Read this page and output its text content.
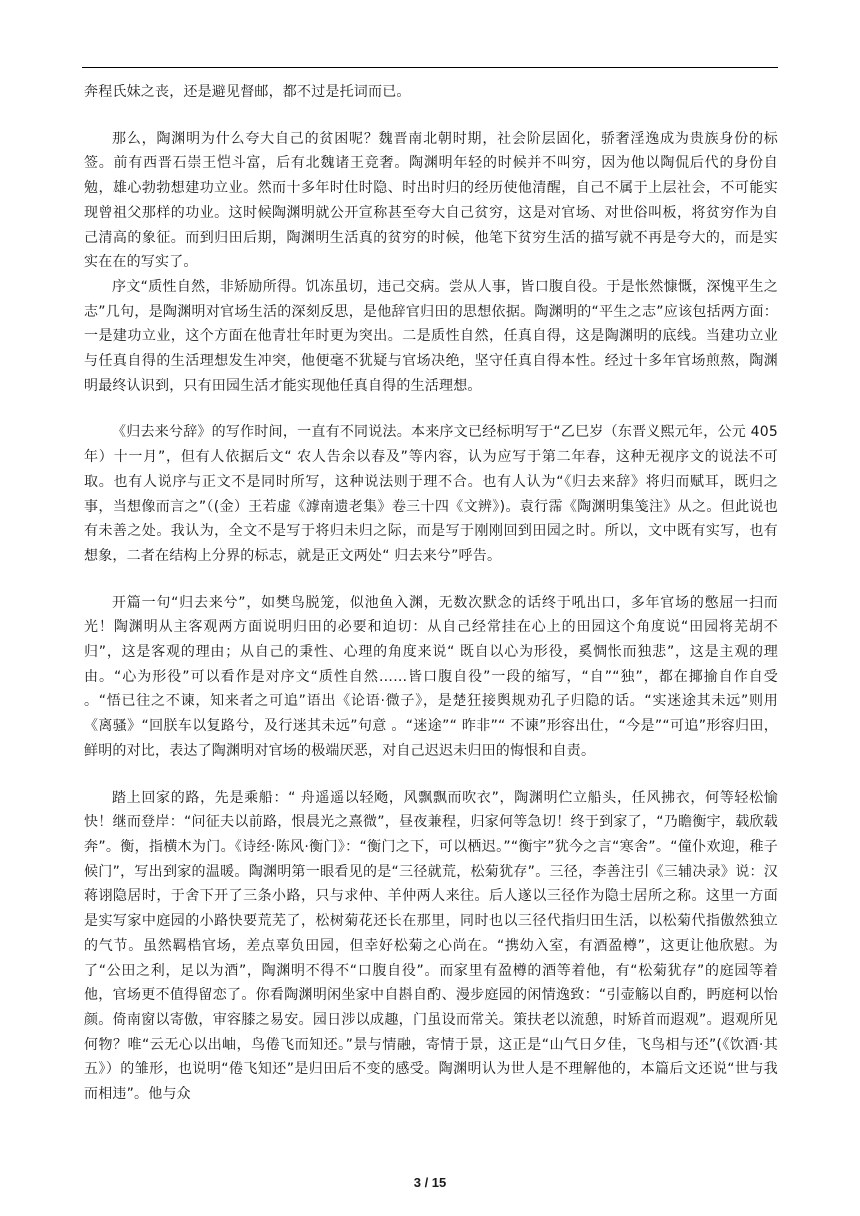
奔程氏妹之丧，还是避见督邮，都不过是托词而已。

那么，陶渊明为什么夸大自己的贫困呢？魏晋南北朝时期，社会阶层固化，骄奢淫逸成为贵族身份的标签。前有西晋石崇王恺斗富，后有北魏诸王竞奢。陶渊明年轻的时候并不叫穷，因为他以陶侃后代的身份自勉，雄心勃勃想建功立业。然而十多年时仕时隐、时出时归的经历使他清醒，自己不属于上层社会，不可能实现曾祖父那样的功业。这时候陶渊明就公开宣称甚至夸大自己贫穷，这是对官场、对世俗叫板，将贫穷作为自己清高的象征。而到归田后期，陶渊明生活真的贫穷的时候，他笔下贫穷生活的描写就不再是夸大的，而是实实在在的写实了。

序文“质性自然，非矫励所得。饥冻虽切，违己交病。尝从人事，皆口腹自役。于是怅然慷慨，深愧平生之志”几句，是陶渊明对官场生活的深刻反思，是他辞官归田的思想依据。陶渊明的“平生之志”应该包括两方面：一是建功立业，这个方面在他青壮年时更为突出。二是质性自然，任真自得，这是陶渊明的底线。当建功立业与任真自得的生活理想发生冲突，他便毫不犹疑与官场决绝，坚守任真自得本性。经过十多年官场煎熬，陶渊明最终认识到，只有田园生活才能实现他任真自得的生活理想。

《归去来兮辞》的写作时间，一直有不同说法。本来序文已经标明写于“乙巳岁（东晋义熙元年，公元 405 年）十一月”，但有人依据后文“ 农人告余以春及”等内容，认为应写于第二年春，这种无视序文的说法不可取。也有人说序与正文不是同时所写，这种说法则于理不合。也有人认为“《归去来辞》将归而赋耳，既归之事，当想像而言之”（(金）王若虚《滹南遗老集》卷三十四《文辨》)。袁行霈《陶渊明集笺注》从之。但此说也有未善之处。我认为，全文不是写于将归未归之际，而是写于刚刚回到田园之时。所以，文中既有实写，也有想象，二者在结构上分界的标志，就是正文两处“ 归去来兮”呼告。

开篇一句“归去来兮”，如樊鸟脱笼，似池鱼入渊，无数次默念的话终于吼出口，多年官场的憋屈一扫而光！陶渊明从主客观两方面说明归田的必要和迫切：从自己经常挂在心上的田园这个角度说“田园将芜胡不归”，这是客观的理由；从自己的秉性、心理的角度来说“ 既自以心为形役，奚惆怅而独悲”，这是主观的理由。“心为形役”可以看作是对序文“质性自然……皆口腹自役”一段的缩写，“自”“独”，都在揶揄自作自受 。“悟已往之不谏，知来者之可追”语出《论语·微子》，是楚狂接舆规劝孔子归隐的话。“实迷途其未远”则用《离骚》“回朕车以复路兮，及行迷其未远”句意 。“迷途”“ 昨非”“ 不谏”形容出仕，“今是”“可追”形容归田，鲜明的对比，表达了陶渊明对官场的极端厌恶，对自己迟迟未归田的悔恨和自责。

踏上回家的路，先是乘船：“ 舟遥遥以轻飏，风飘飘而吹衣”，陶渊明伫立船头，任风拂衣，何等轻松愉快！继而登岸：“问征夫以前路，恨晨光之熹微”，昼夜兼程，归家何等急切！终于到家了，“乃瞻衡宇，载欣载奔”。衡，指横木为门。《诗经·陈风·衡门》：“衡门之下，可以栖迟。”“衡宇”犹今之言“寒舍”。“僮仆欢迎，稚子候门”，写出到家的温暖。陶渊明第一眼看见的是“三径就荒，松菊犹存”。三径，李善注引《三辅决录》说：汉蒋诩隐居时，于舍下开了三条小路，只与求仲、羊仲两人来往。后人遂以三径作为隐士居所之称。这里一方面是实写家中庭园的小路快要荒芜了，松树菊花还长在那里，同时也以三径代指归田生活，以松菊代指傲然独立的气节。虽然羁梏官场，差点辜负田园，但幸好松菊之心尚在。“携幼入室，有酒盈樽”，这更让他欣慰。为了“公田之利，足以为酒”，陶渊明不得不“口腹自役”。而家里有盈樽的酒等着他，有“松菊犹存”的庭园等着他，官场更不值得留恋了。你看陶渊明闲坐家中自斟自酌、漫步庭园的闲情逸致：“引壶觞以自酌，眄庭柯以怡颜。倚南窗以寄傲，审容膝之易安。园日涉以成趣，门虽设而常关。策扶老以流憩，时矫首而遐观”。遐观所见何物？唯“云无心以出岫，鸟倦飞而知还。”景与情融，寄情于景，这正是“山气日夕佳，飞鸟相与还”(《饮酒·其五》）的雏形，也说明“倦飞知还”是归田后不变的感受。陶渊明认为世人是不理解他的，本篇后文还说“世与我而相违”。他与众

3 / 15
